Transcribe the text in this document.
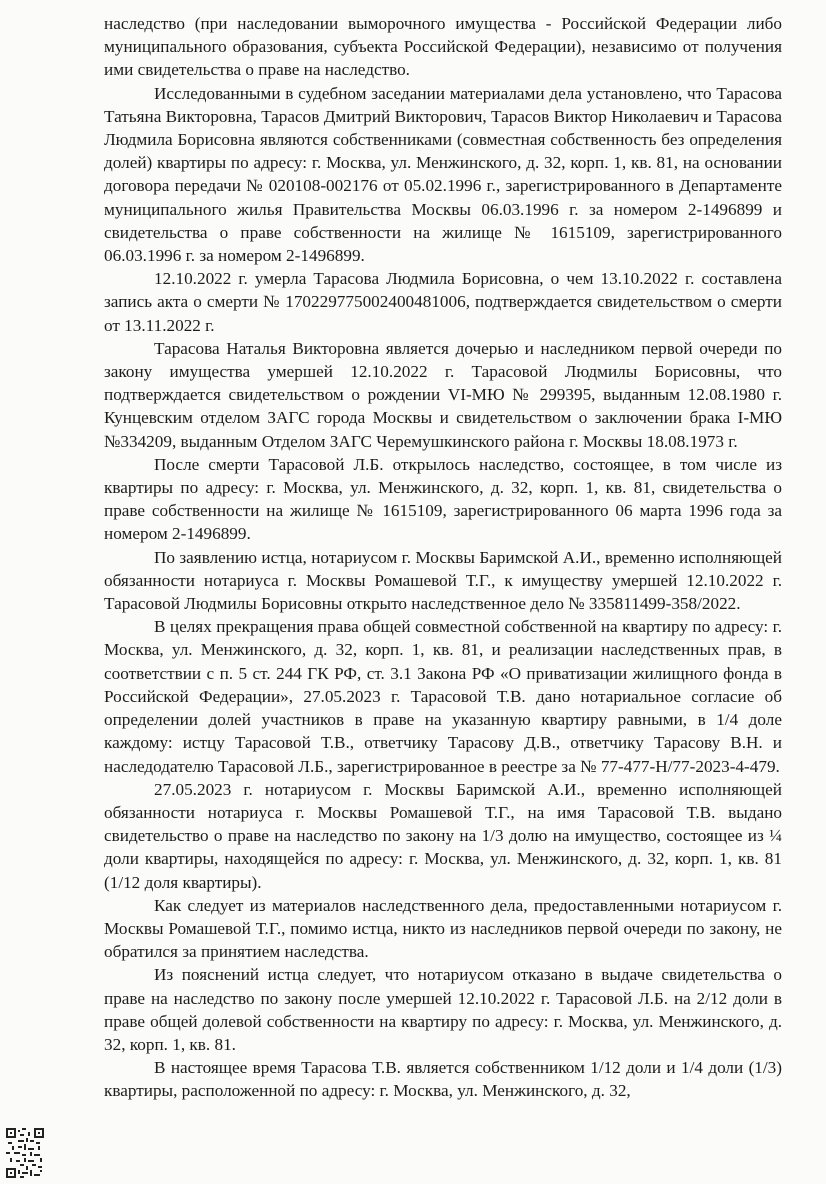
наследство (при наследовании выморочного имущества - Российской Федерации либо муниципального образования, субъекта Российской Федерации), независимо от получения ими свидетельства о праве на наследство.

Исследованными в судебном заседании материалами дела установлено, что Тарасова Татьяна Викторовна, Тарасов Дмитрий Викторович, Тарасов Виктор Николаевич и Тарасова Людмила Борисовна являются собственниками (совместная собственность без определения долей) квартиры по адресу: г. Москва, ул. Менжинского, д. 32, корп. 1, кв. 81, на основании договора передачи № 020108-002176 от 05.02.1996 г., зарегистрированного в Департаменте муниципального жилья Правительства Москвы 06.03.1996 г. за номером 2-1496899 и свидетельства о праве собственности на жилище № 1615109, зарегистрированного 06.03.1996 г. за номером 2-1496899.

12.10.2022 г. умерла Тарасова Людмила Борисовна, о чем 13.10.2022 г. составлена запись акта о смерти № 170229775002400481006, подтверждается свидетельством о смерти от 13.11.2022 г.

Тарасова Наталья Викторовна является дочерью и наследником первой очереди по закону имущества умершей 12.10.2022 г. Тарасовой Людмилы Борисовны, что подтверждается свидетельством о рождении VI-МЮ № 299395, выданным 12.08.1980 г. Кунцевским отделом ЗАГС города Москвы и свидетельством о заключении брака I-МЮ №334209, выданным Отделом ЗАГС Черемушкинского района г. Москвы 18.08.1973 г.

После смерти Тарасовой Л.Б. открылось наследство, состоящее, в том числе из квартиры по адресу: г. Москва, ул. Менжинского, д. 32, корп. 1, кв. 81, свидетельства о праве собственности на жилище № 1615109, зарегистрированного 06 марта 1996 года за номером 2-1496899.

По заявлению истца, нотариусом г. Москвы Баримской А.И., временно исполняющей обязанности нотариуса г. Москвы Ромашевой Т.Г., к имуществу умершей 12.10.2022 г. Тарасовой Людмилы Борисовны открыто наследственное дело № 335811499-358/2022.

В целях прекращения права общей совместной собственной на квартиру по адресу: г. Москва, ул. Менжинского, д. 32, корп. 1, кв. 81, и реализации наследственных прав, в соответствии с п. 5 ст. 244 ГК РФ, ст. 3.1 Закона РФ «О приватизации жилищного фонда в Российской Федерации», 27.05.2023 г. Тарасовой Т.В. дано нотариальное согласие об определении долей участников в праве на указанную квартиру равными, в 1/4 доле каждому: истцу Тарасовой Т.В., ответчику Тарасову Д.В., ответчику Тарасову В.Н. и наследодателю Тарасовой Л.Б., зарегистрированное в реестре за № 77-477-Н/77-2023-4-479.

27.05.2023 г. нотариусом г. Москвы Баримской А.И., временно исполняющей обязанности нотариуса г. Москвы Ромашевой Т.Г., на имя Тарасовой Т.В. выдано свидетельство о праве на наследство по закону на 1/3 долю на имущество, состоящее из ¼ доли квартиры, находящейся по адресу: г. Москва, ул. Менжинского, д. 32, корп. 1, кв. 81 (1/12 доля квартиры).

Как следует из материалов наследственного дела, предоставленными нотариусом г. Москвы Ромашевой Т.Г., помимо истца, никто из наследников первой очереди по закону, не обратился за принятием наследства.

Из пояснений истца следует, что нотариусом отказано в выдаче свидетельства о праве на наследство по закону после умершей 12.10.2022 г. Тарасовой Л.Б. на 2/12 доли в праве общей долевой собственности на квартиру по адресу: г. Москва, ул. Менжинского, д. 32, корп. 1, кв. 81.

В настоящее время Тарасова Т.В. является собственником 1/12 доли и 1/4 доли (1/3) квартиры, расположенной по адресу: г. Москва, ул. Менжинского, д. 32,
